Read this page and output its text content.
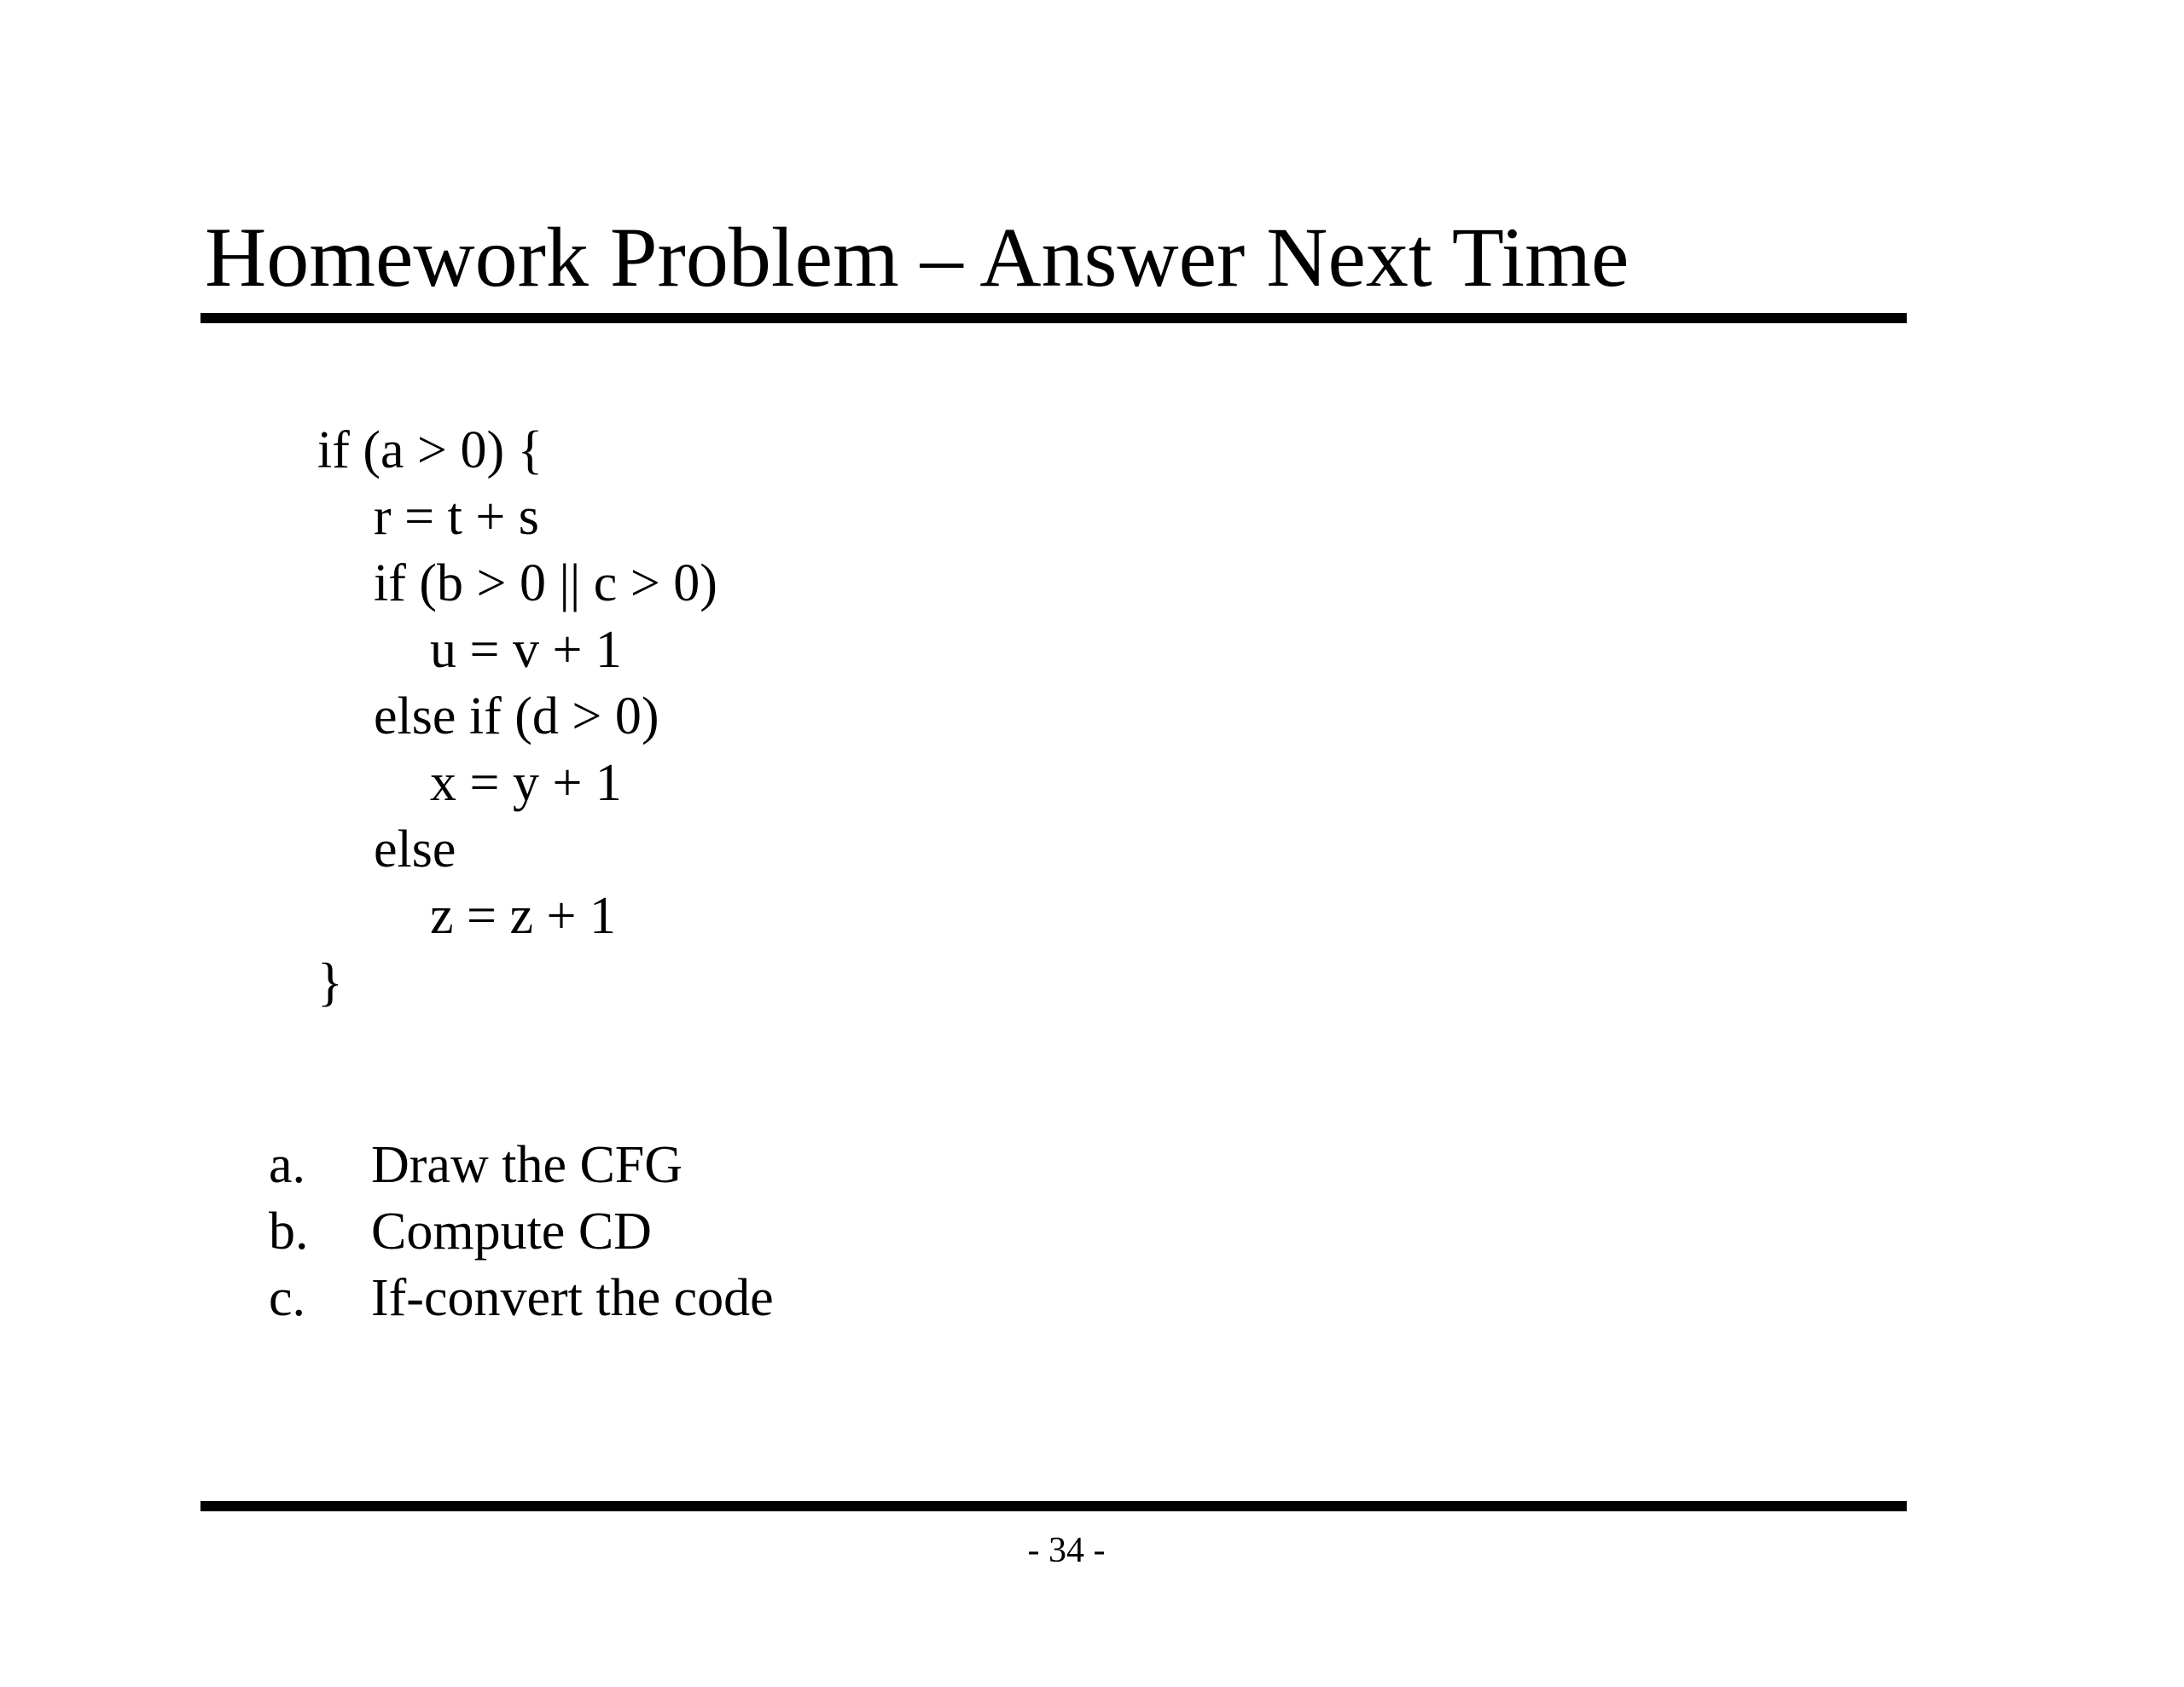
Homework Problem – Answer Next Time
if (a > 0) {
r = t + s
if (b > 0 || c > 0)
u = v + 1
else if (d > 0)
x = y + 1
else
z = z + 1
}
a. Draw the CFG
b. Compute CD
c. If-convert the code
- 34 -
